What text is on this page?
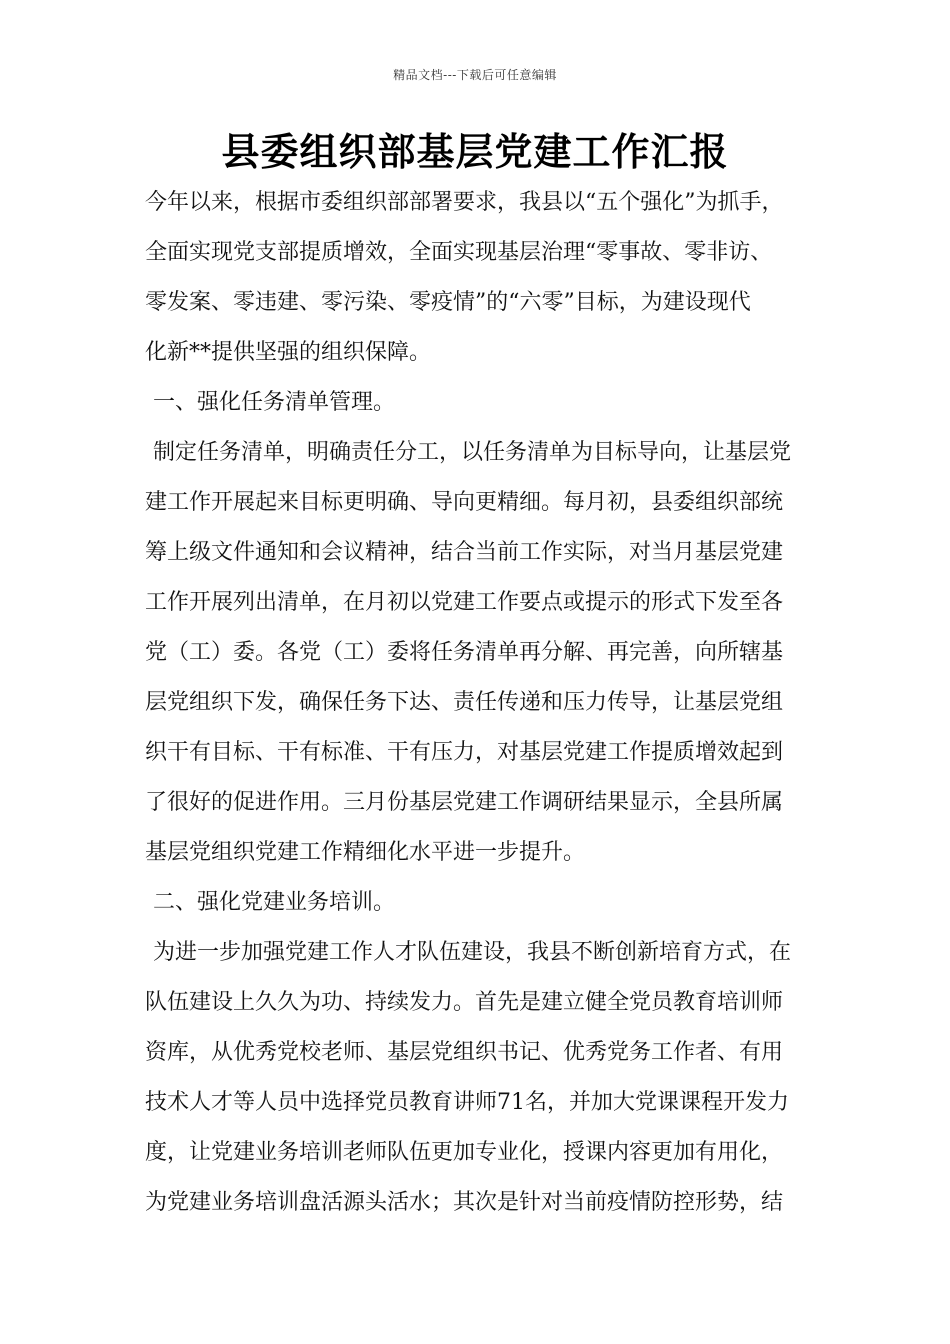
精品文档---下载后可任意编辑
县委组织部基层党建工作汇报
今年以来，根据市委组织部部署要求，我县以“五个强化”为抓手，
全面实现党支部提质增效，全面实现基层治理“零事故、零非访、
零发案、零违建、零污染、零疫情”的“六零”目标，为建设现代
化新**提供坚强的组织保障。
一、强化任务清单管理。
制定任务清单，明确责任分工，以任务清单为目标导向，让基层党
建工作开展起来目标更明确、导向更精细。每月初，县委组织部统
筹上级文件通知和会议精神，结合当前工作实际，对当月基层党建
工作开展列出清单，在月初以党建工作要点或提示的形式下发至各
党（工）委。各党（工）委将任务清单再分解、再完善，向所辖基
层党组织下发，确保任务下达、责任传递和压力传导，让基层党组
织干有目标、干有标准、干有压力，对基层党建工作提质增效起到
了很好的促进作用。三月份基层党建工作调研结果显示，全县所属
基层党组织党建工作精细化水平进一步提升。
二、强化党建业务培训。
为进一步加强党建工作人才队伍建设，我县不断创新培育方式，在
队伍建设上久久为功、持续发力。首先是建立健全党员教育培训师
资库，从优秀党校老师、基层党组织书记、优秀党务工作者、有用
技术人才等人员中选择党员教育讲师71名，并加大党课课程开发力
度，让党建业务培训老师队伍更加专业化，授课内容更加有用化，
为党建业务培训盘活源头活水；其次是针对当前疫情防控形势，结
